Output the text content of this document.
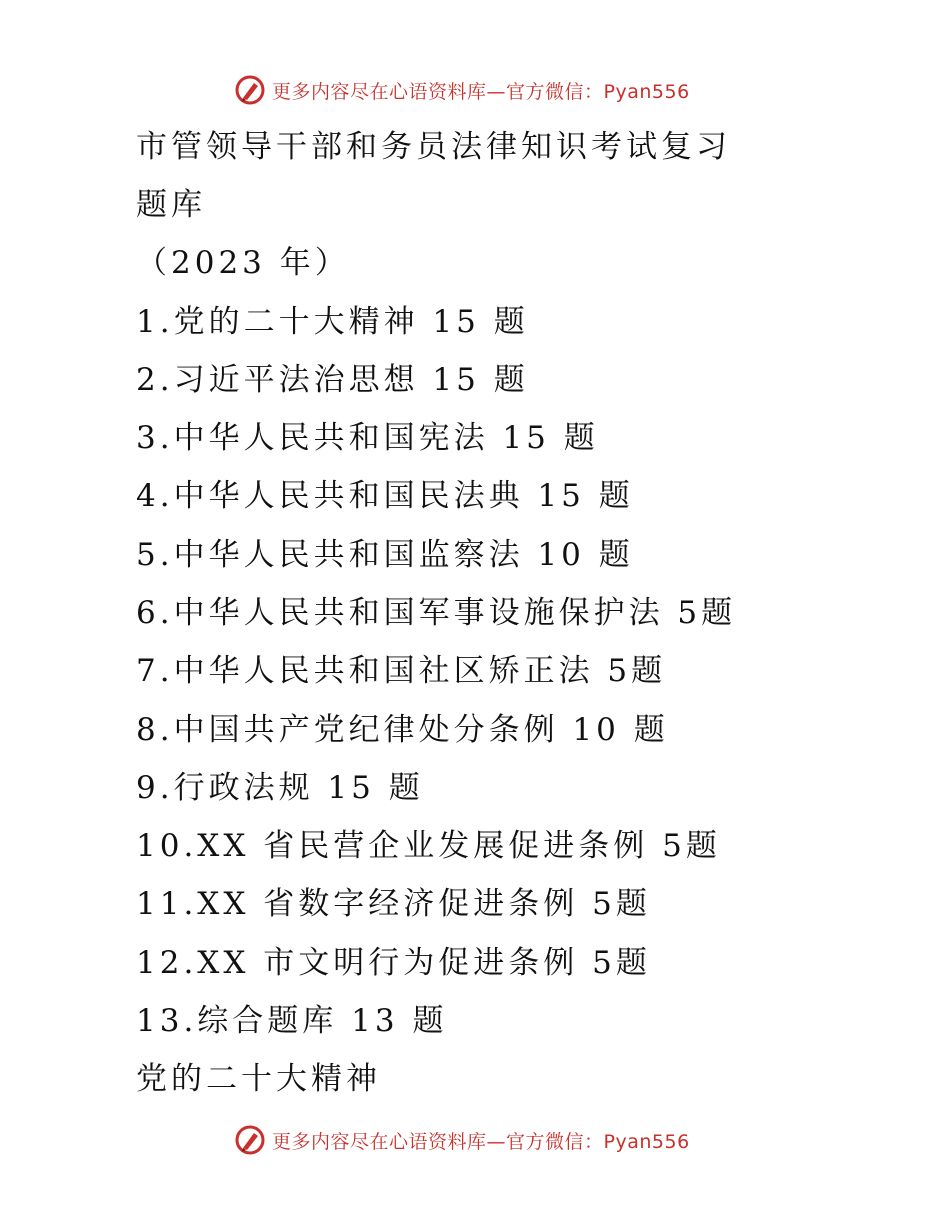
更多内容尽在心语资料库—官方微信：Pyan556
市管领导干部和务员法律知识考试复习
题库
（2023 年）
1.党的二十大精神 15 题
2.习近平法治思想 15 题
3.中华人民共和国宪法 15 题
4.中华人民共和国民法典 15 题
5.中华人民共和国监察法 10 题
6.中华人民共和国军事设施保护法 5题
7.中华人民共和国社区矫正法 5题
8.中国共产党纪律处分条例 10 题
9.行政法规 15 题
10.XX 省民营企业发展促进条例 5题
11.XX 省数字经济促进条例 5题
12.XX 市文明行为促进条例 5题
13.综合题库 13 题
党的二十大精神
更多内容尽在心语资料库—官方微信：Pyan556
